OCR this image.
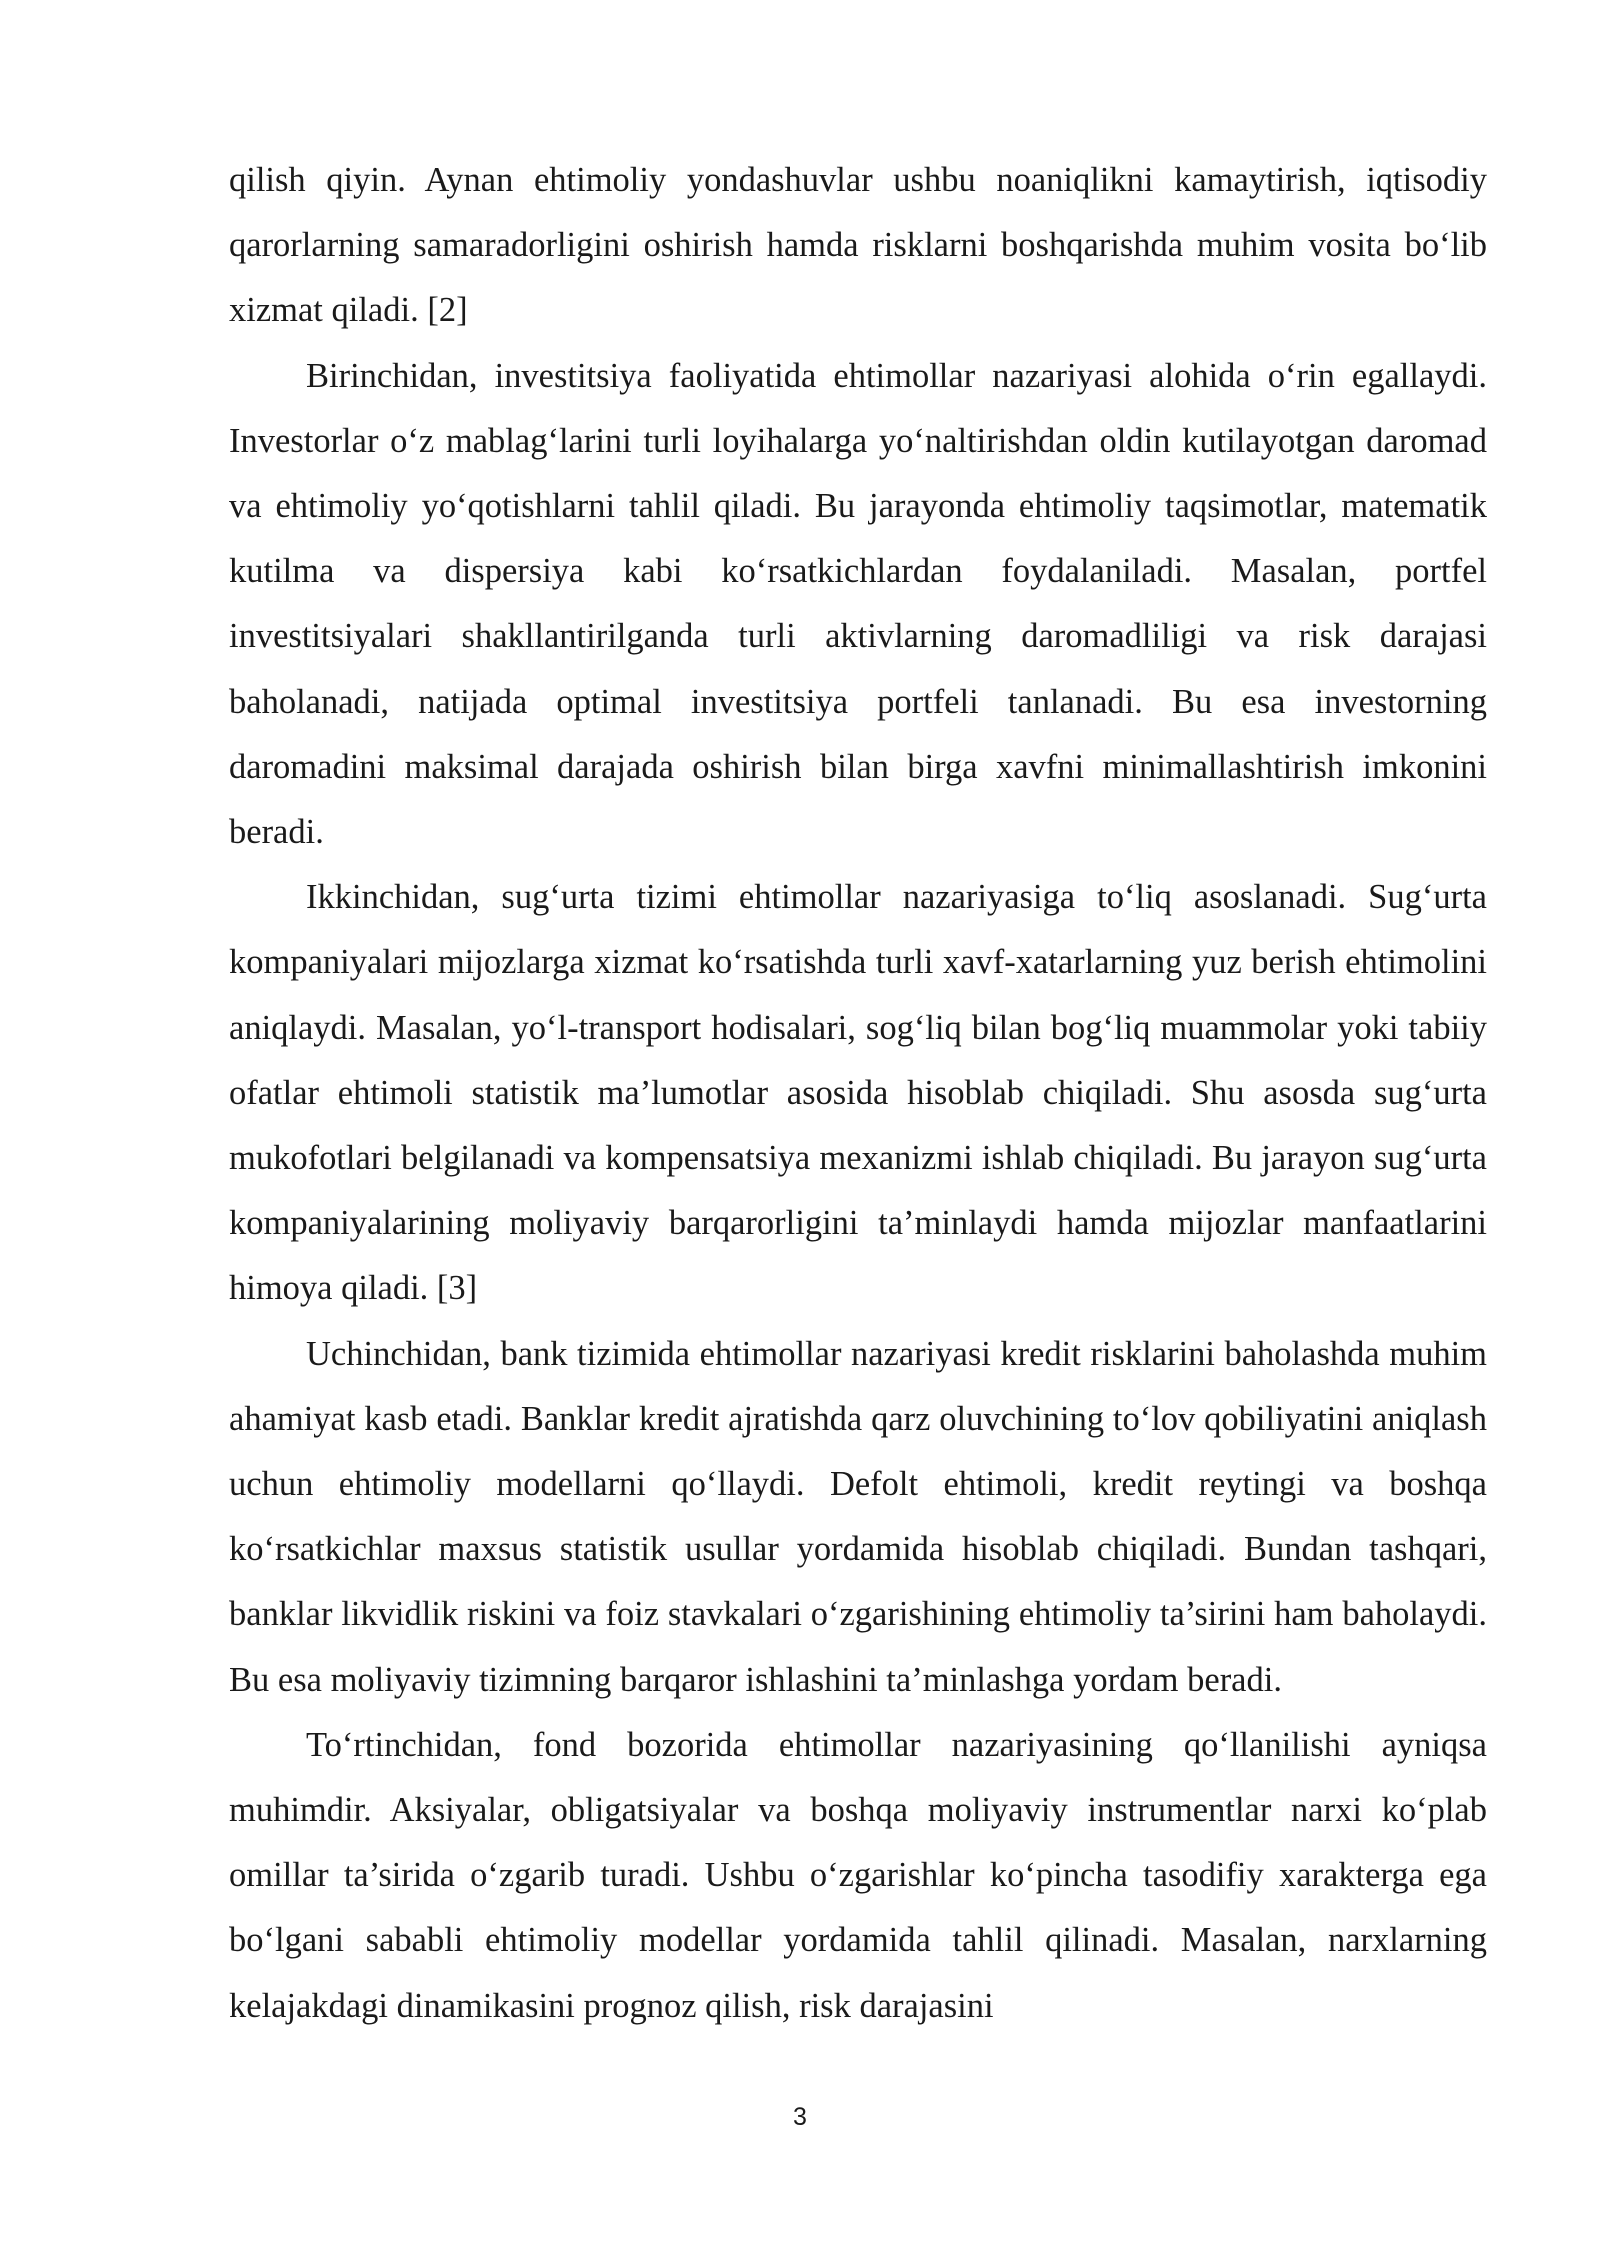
qilish qiyin. Aynan ehtimoliy yondashuvlar ushbu noaniqlikni kamaytirish, iqtisodiy qarorlarning samaradorligini oshirish hamda risklarni boshqarishda muhim vosita bo‘lib xizmat qiladi. [2]

Birinchidan, investitsiya faoliyatida ehtimollar nazariyasi alohida o‘rin egallaydi. Investorlar o‘z mablag‘larini turli loyihalarga yo‘naltirishdan oldin kutilayotgan daromad va ehtimoliy yo‘qotishlarni tahlil qiladi. Bu jarayonda ehtimoliy taqsimotlar, matematik kutilma va dispersiya kabi ko‘rsatkichlardan foydalaniladi. Masalan, portfel investitsiyalari shakllantirilganda turli aktivlarning daromadliligi va risk darajasi baholanadi, natijada optimal investitsiya portfeli tanlanadi. Bu esa investorning daromadini maksimal darajada oshirish bilan birga xavfni minimallashtirish imkonini beradi.

Ikkinchidan, sug‘urta tizimi ehtimollar nazariyasiga to‘liq asoslanadi. Sug‘urta kompaniyalari mijozlarga xizmat ko‘rsatishda turli xavf-xatarlarning yuz berish ehtimolini aniqlaydi. Masalan, yo‘l-transport hodisalari, sog‘liq bilan bog‘liq muammolar yoki tabiiy ofatlar ehtimoli statistik ma’lumotlar asosida hisoblab chiqiladi. Shu asosda sug‘urta mukofotlari belgilanadi va kompensatsiya mexanizmi ishlab chiqiladi. Bu jarayon sug‘urta kompaniyalarining moliyaviy barqarorligini ta’minlaydi hamda mijozlar manfaatlarini himoya qiladi. [3]

Uchinchidan, bank tizimida ehtimollar nazariyasi kredit risklarini baholashda muhim ahamiyat kasb etadi. Banklar kredit ajratishda qarz oluvchining to‘lov qobiliyatini aniqlash uchun ehtimoliy modellarni qo‘llaydi. Defolt ehtimoli, kredit reytingi va boshqa ko‘rsatkichlar maxsus statistik usullar yordamida hisoblab chiqiladi. Bundan tashqari, banklar likvidlik riskini va foiz stavkalari o‘zgarishining ehtimoliy ta’sirini ham baholaydi. Bu esa moliyaviy tizimning barqaror ishlashini ta’minlashga yordam beradi.

To‘rtinchidan, fond bozorida ehtimollar nazariyasining qo‘llanilishi ayniqsa muhimdir. Aksiyalar, obligatsiyalar va boshqa moliyaviy instrumentlar narxi ko‘plab omillar ta’sirida o‘zgarib turadi. Ushbu o‘zgarishlar ko‘pincha tasodifiy xarakterga ega bo‘lgani sababli ehtimoliy modellar yordamida tahlil qilinadi. Masalan, narxlarning kelajakdagi dinamikasini prognoz qilish, risk darajasini

3
